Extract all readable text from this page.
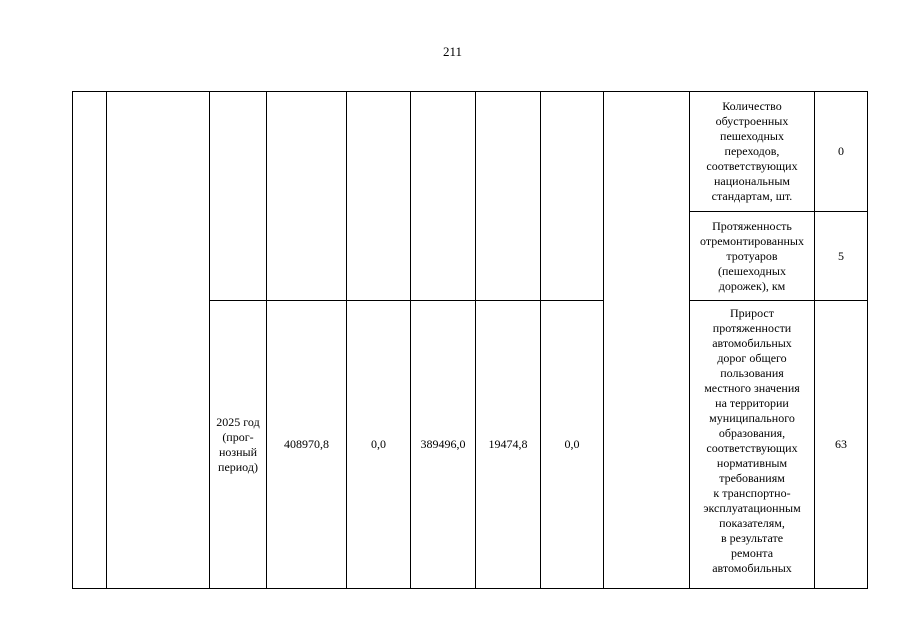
211
2025 год
(прог-
нозный
период)
408970,8	0,0	389496,0	19474,8	0,0
Количество
обустроенных
пешеходных
переходов,
соответствующих
национальным
стандартам, шт.
0
Протяженность
отремонтированных
тротуаров
(пешеходных
дорожек), км
5
Прирост
протяженности
автомобильных
дорог общего
пользования
местного значения
на территории
муниципального
образования,
соответствующих
нормативным
требованиям
к транспортно-
эксплуатационным
показателям,
в результате
ремонта
автомобильных
63
